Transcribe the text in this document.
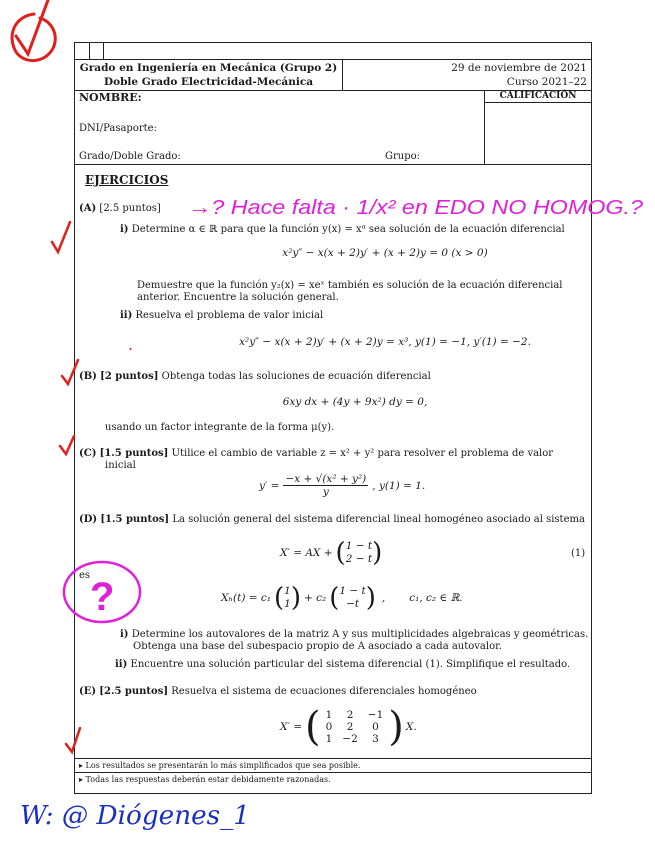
Grado en Ingeniería en Mecánica (Grupo 2)
Doble Grado Electricidad-Mecánica
29 de noviembre de 2021
Curso 2021–22
NOMBRE:
DNI/Pasaporte:
Grado/Doble Grado:	Grupo:
CALIFICACIÓN
EJERCICIOS
(A) [2.5 puntos]
i) Determine α ∈ ℝ para que la función y(x) = xᵅ sea solución de la ecuación diferencial
x²y″ − x(x + 2)y′ + (x + 2)y = 0 (x > 0)
Demuestre que la función y₂(x) = xeˣ también es solución de la ecuación diferencial
anterior. Encuentre la solución general.
ii) Resuelva el problema de valor inicial
x²y″ − x(x + 2)y′ + (x + 2)y = x³, y(1) = −1, y′(1) = −2.
(B) [2 puntos] Obtenga todas las soluciones de ecuación diferencial
6xy dx + (4y + 9x²) dy = 0,
usando un factor integrante de la forma μ(y).
(C) [1.5 puntos] Utilice el cambio de variable z = x² + y² para resolver el problema de valor
inicial
$y' = \frac{\text{−x + √(x² + y²)}}{y}$ , y(1) = 1.
(D) [1.5 puntos] La solución general del sistema diferencial lineal homogéneo asociado al sistema
X′ = AX + ( 1 − t
2 − t )	(1)
es
Xₕ(t) = c₁ ( 1
1 ) + c₂ ( 1 − t
−t ) , c₁, c₂ ∈ ℝ.
i) Determine los autovalores de la matriz A y sus multiplicidades algebraicas y geométricas.
Obtenga una base del subespacio propio de A asociado a cada autovalor.
ii) Encuentre una solución particular del sistema diferencial (1). Simplifique el resultado.
(E) [2.5 puntos] Resuelva el sistema de ecuaciones diferenciales homogéneo
X′ = ( 1	2	−1
0	2	0
1	−2	3 ) X.
▸ Los resultados se presentarán lo más simplificados que sea posible.
▸ Todas las respuestas deberán estar debidamente razonadas.
?
→? Hace falta · 1/x² en EDO NO HOMOG.?
W: @ Diógenes_1
